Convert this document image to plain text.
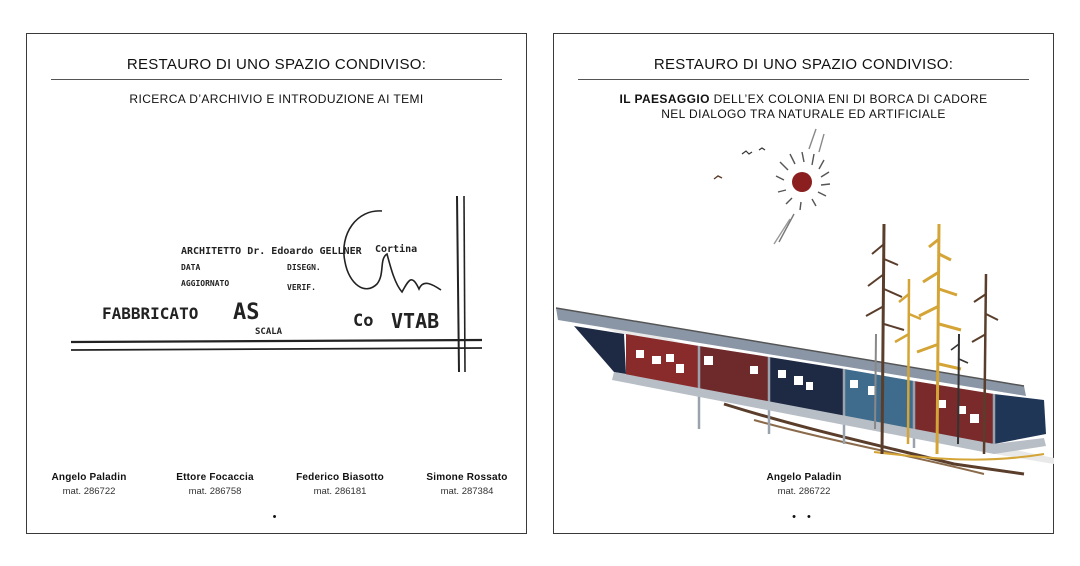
RESTAURO DI UNO SPAZIO CONDIVISO:
RICERCA D’ARCHIVIO E INTRODUZIONE AI TEMI
ARCHITETTO Dr. Edoardo GELLNER Cortina
DATA	DISEGN.
AGGIORNATO	VERIF.
FABBRICATO AS
SCALA
Co VTAB
Angelo Paladin
mat. 286722
Ettore Focaccia
mat. 286758
Federico Biasotto
mat. 286181
Simone Rossato
mat. 287384
•
RESTAURO DI UNO SPAZIO CONDIVISO:
IL PAESAGGIO DELL’EX COLONIA ENI DI BORCA DI CADORE
NEL DIALOGO TRA NATURALE ED ARTIFICIALE
Angelo Paladin
mat. 286722
• •
